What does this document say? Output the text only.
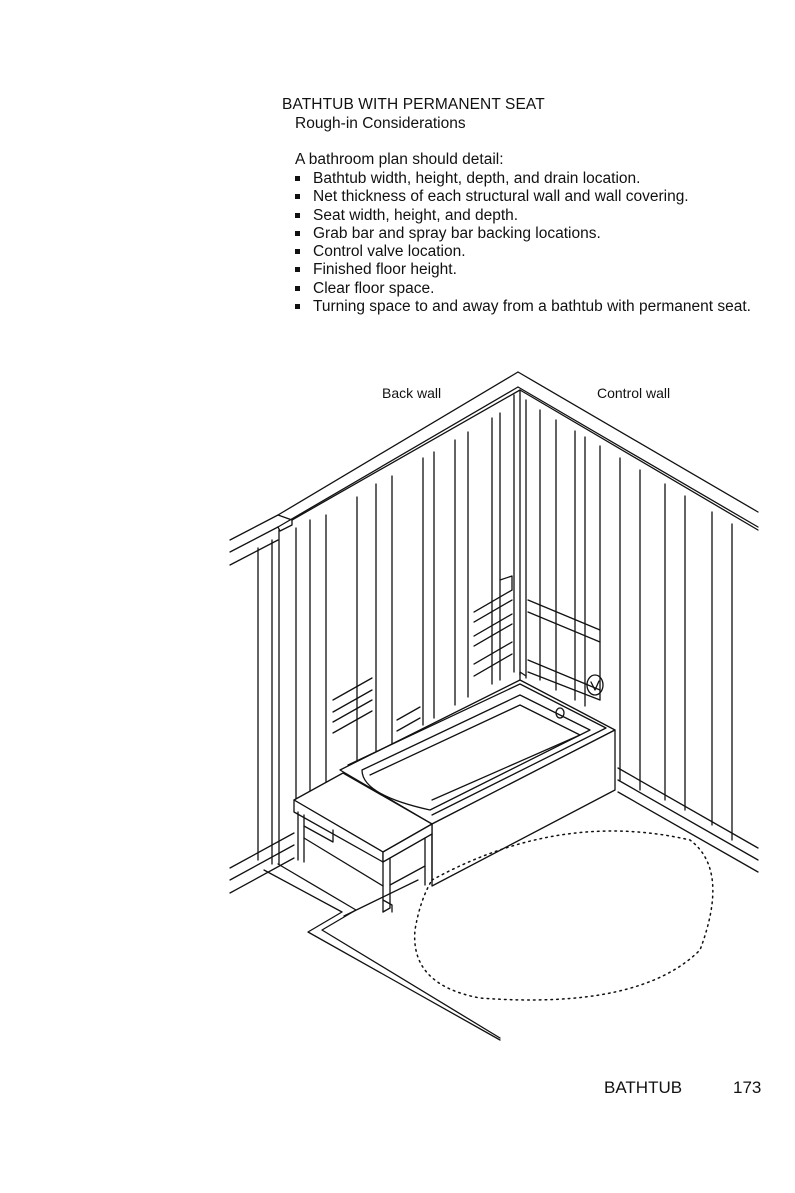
BATHTUB WITH PERMANENT SEAT
Rough-in Considerations
A bathroom plan should detail:
Bathtub width, height, depth, and drain location.
Net thickness of each structural wall and wall covering.
Seat width, height, and depth.
Grab bar and spray bar backing locations.
Control valve location.
Finished floor height.
Clear floor space.
Turning space to and away from a bathtub with permanent seat.
Back wall	Control wall
BATHTUB	173
